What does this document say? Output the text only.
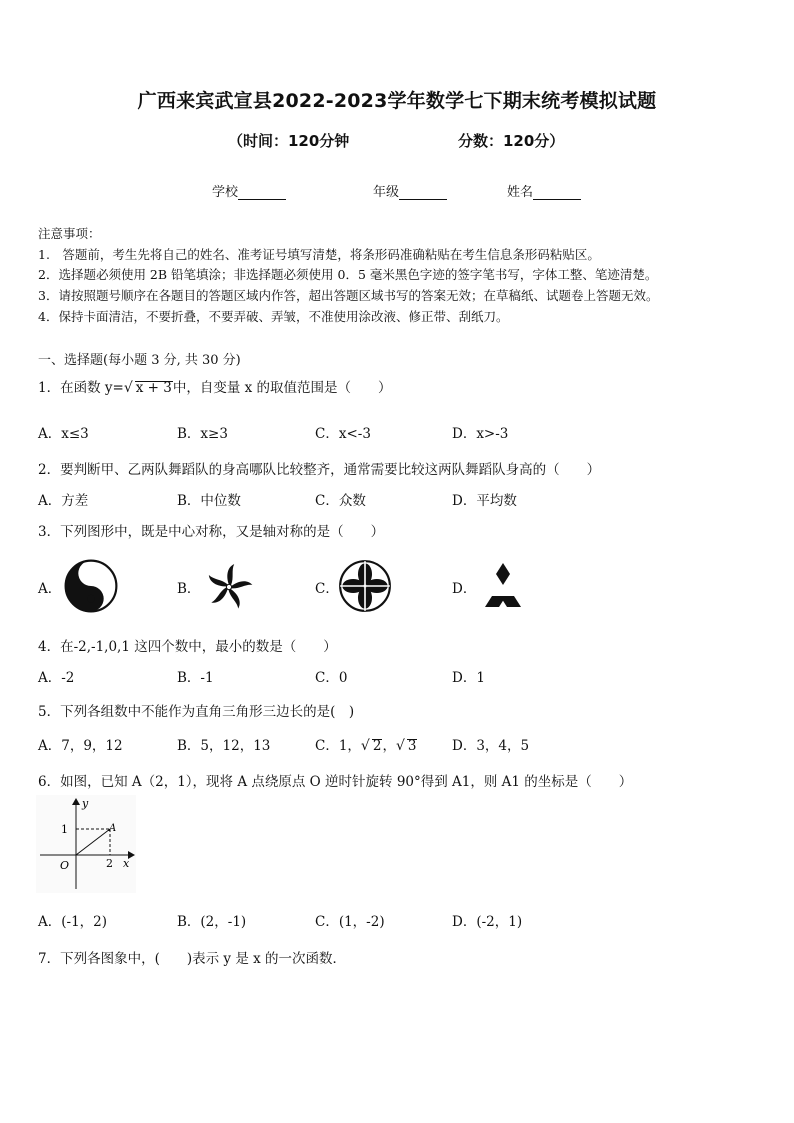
广西来宾武宣县2022-2023学年数学七下期末统考模拟试题
（时间：120分钟	分数：120分）
学校	年级	姓名
注意事项：
1.　答题前，考生先将自己的姓名、准考证号填写清楚，将条形码准确粘贴在考生信息条形码粘贴区。
2．选择题必须使用 2B 铅笔填涂；非选择题必须使用 0．5 毫米黑色字迹的签字笔书写，字体工整、笔迹清楚。
3．请按照题号顺序在各题目的答题区域内作答，超出答题区域书写的答案无效；在草稿纸、试题卷上答题无效。
4．保持卡面清洁，不要折叠，不要弄破、弄皱，不准使用涂改液、修正带、刮纸刀。
一、选择题(每小题 3 分, 共 30 分)
1．在函数 y=√ x + 3中，自变量 x 的取值范围是（　　）
A．x≤3	B．x≥3	C．x<-3	D．x>-3
2．要判断甲、乙两队舞蹈队的身高哪队比较整齐，通常需要比较这两队舞蹈队身高的（　　）
A．方差	B．中位数	C．众数	D．平均数
3．下列图形中，既是中心对称，又是轴对称的是（　　）
A．	B．	C．	D．
4．在-2,-1,0,1 这四个数中，最小的数是（　　）
A．-2	B．-1	C．0	D．1
5．下列各组数中不能作为直角三角形三边长的是(　)
A．7，9，12	B．5，12，13	C．1，√ 2，√ 3	D．3，4，5
6．如图，已知 A（2，1），现将 A 点绕原点 O 逆时针旋转 90°得到 A1，则 A1 的坐标是（　　）
y
x
1
2
O
A
A．(-1，2)	B．(2，-1)	C．(1，-2)	D．(-2，1)
7．下列各图象中，(　　)表示 y 是 x 的一次函数．
